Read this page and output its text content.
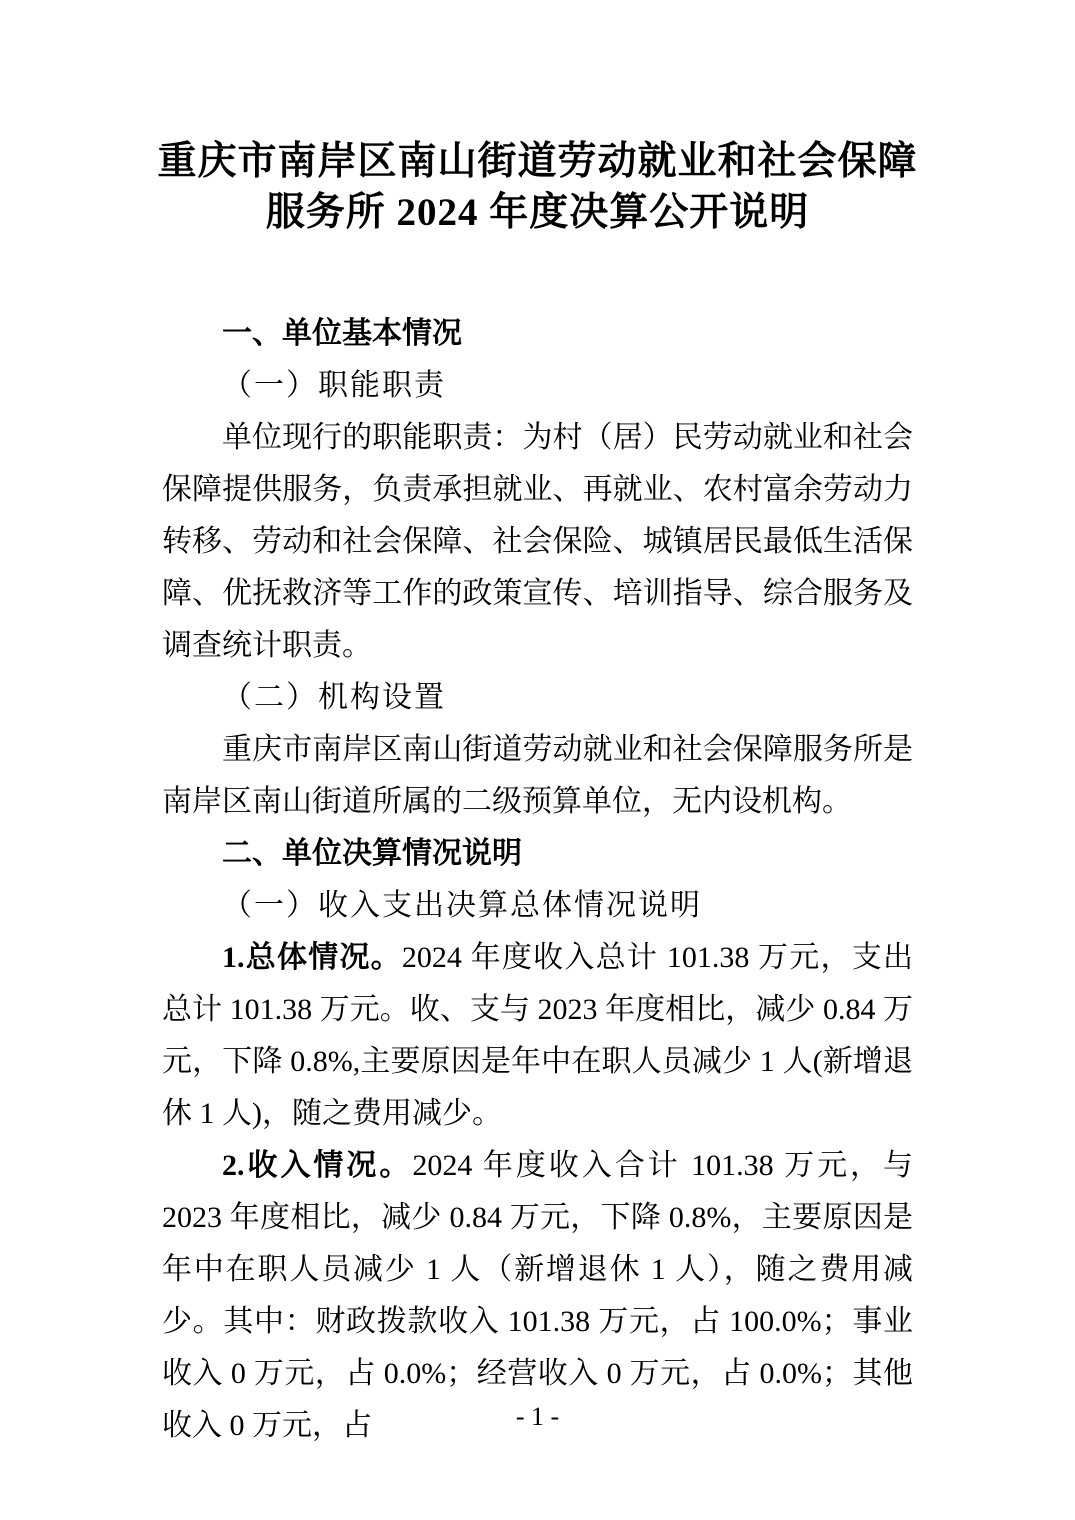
重庆市南岸区南山街道劳动就业和社会保障
服务所 2024 年度决算公开说明
一、单位基本情况
（一）职能职责
单位现行的职能职责：为村（居）民劳动就业和社会保障提供服务，负责承担就业、再就业、农村富余劳动力转移、劳动和社会保障、社会保险、城镇居民最低生活保障、优抚救济等工作的政策宣传、培训指导、综合服务及调查统计职责。
（二）机构设置
重庆市南岸区南山街道劳动就业和社会保障服务所是南岸区南山街道所属的二级预算单位，无内设机构。
二、单位决算情况说明
（一）收入支出决算总体情况说明
1.总体情况。2024 年度收入总计 101.38 万元，支出总计 101.38 万元。收、支与 2023 年度相比，减少 0.84 万元，下降 0.8%,主要原因是年中在职人员减少 1 人(新增退休 1 人)，随之费用减少。
2.收入情况。2024 年度收入合计 101.38 万元，与 2023 年度相比，减少 0.84 万元，下降 0.8%，主要原因是年中在职人员减少 1 人（新增退休 1 人），随之费用减少。其中：财政拨款收入 101.38 万元，占 100.0%；事业收入 0 万元，占 0.0%；经营收入 0 万元，占 0.0%；其他收入 0 万元，占	- 1 -
